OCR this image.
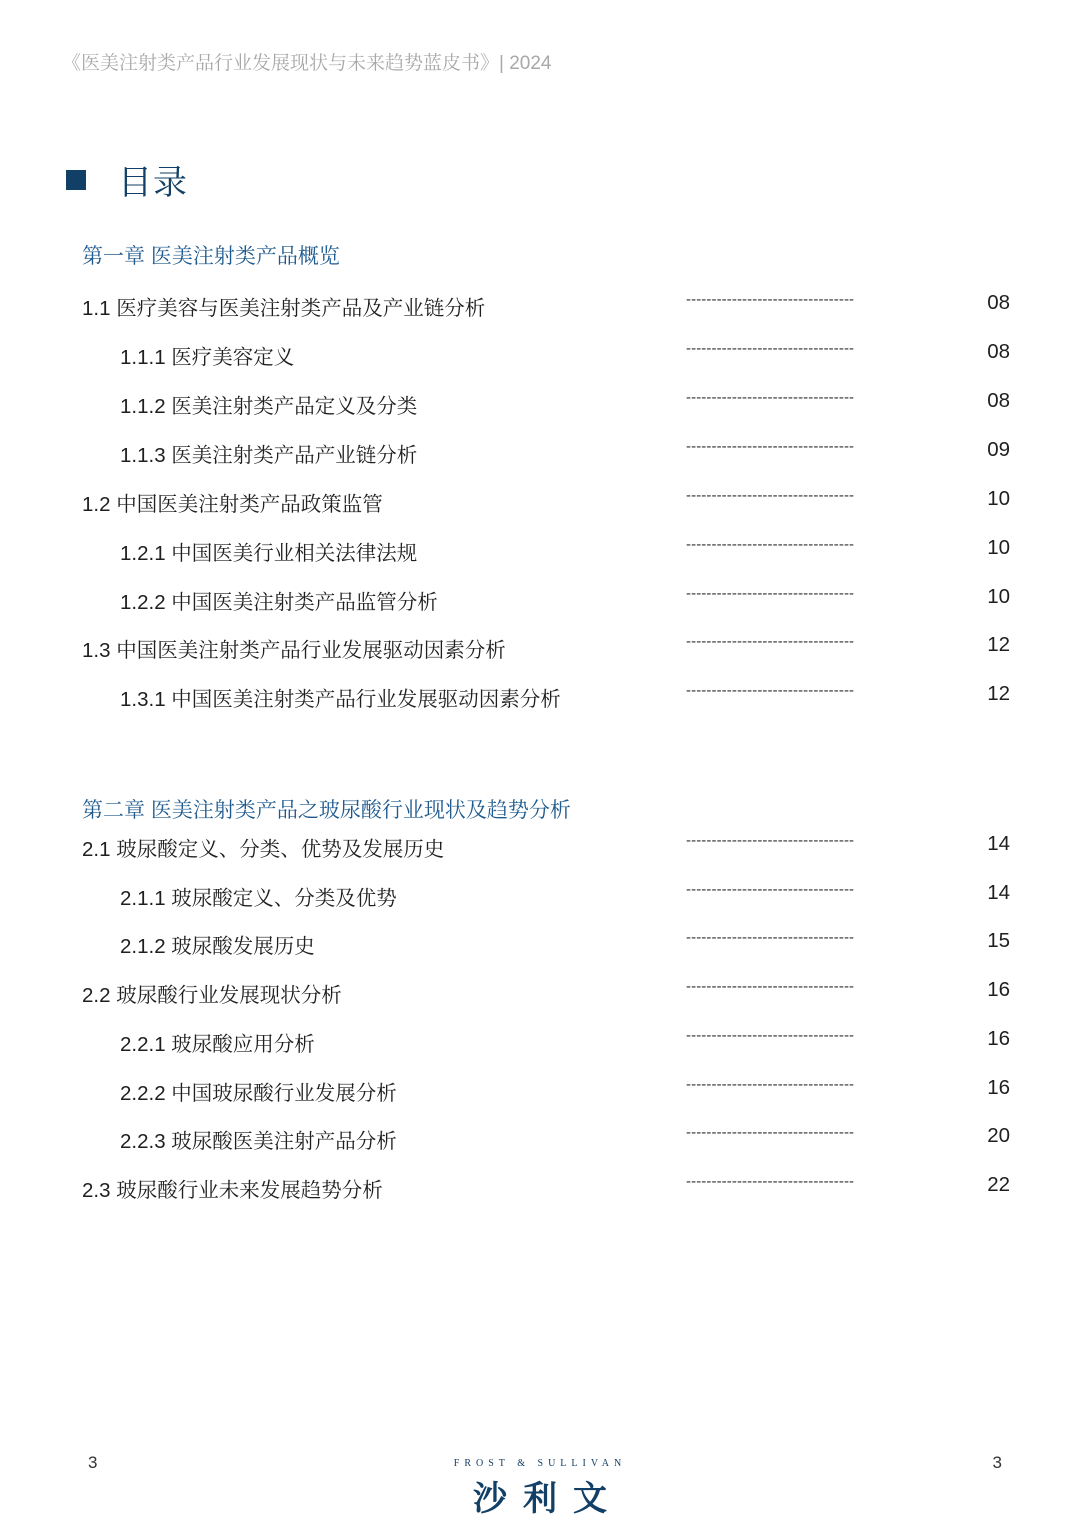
《医美注射类产品行业发展现状与未来趋势蓝皮书》| 2024
目录
第一章 医美注射类产品概览
1.1 医疗美容与医美注射类产品及产业链分析	---------------------------------	08
1.1.1 医疗美容定义	---------------------------------	08
1.1.2 医美注射类产品定义及分类	---------------------------------	08
1.1.3 医美注射类产品产业链分析	---------------------------------	09
1.2 中国医美注射类产品政策监管	---------------------------------	10
1.2.1 中国医美行业相关法律法规	---------------------------------	10
1.2.2 中国医美注射类产品监管分析	---------------------------------	10
1.3 中国医美注射类产品行业发展驱动因素分析	---------------------------------	12
1.3.1 中国医美注射类产品行业发展驱动因素分析	---------------------------------	12
第二章 医美注射类产品之玻尿酸行业现状及趋势分析
2.1 玻尿酸定义、分类、优势及发展历史	---------------------------------	14
2.1.1 玻尿酸定义、分类及优势	---------------------------------	14
2.1.2 玻尿酸发展历史	---------------------------------	15
2.2 玻尿酸行业发展现状分析	---------------------------------	16
2.2.1 玻尿酸应用分析	---------------------------------	16
2.2.2 中国玻尿酸行业发展分析	---------------------------------	16
2.2.3 玻尿酸医美注射产品分析	---------------------------------	20
2.3 玻尿酸行业未来发展趋势分析	---------------------------------	22
3	FROST & SULLIVAN
沙利文
3
